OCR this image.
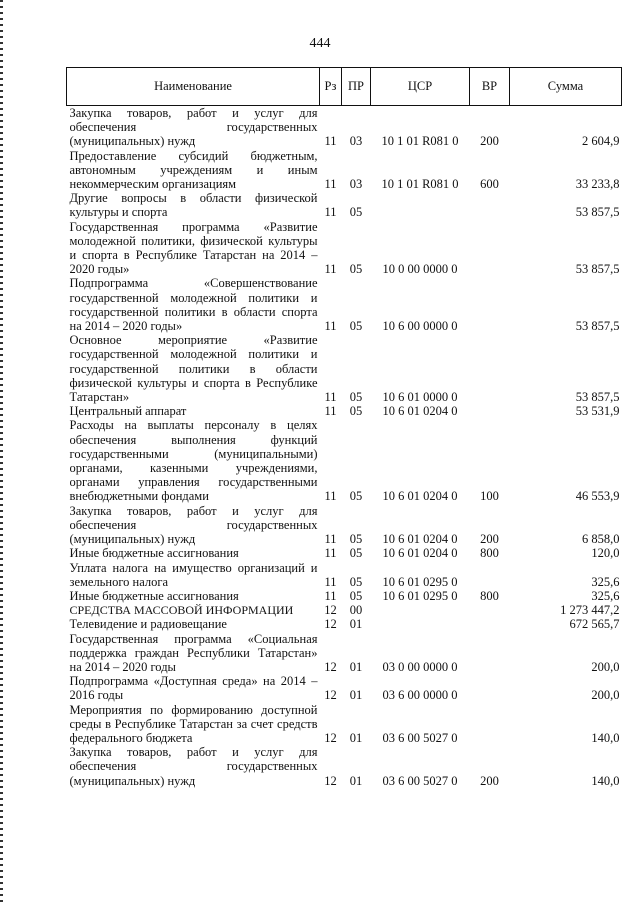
444
Наименование	Рз	ПР	ЦСР	ВР	Сумма
Закупка товаров, работ и услуг для обеспечения государственных (муниципальных) нужд	11	03	10 1 01 R081 0	200	2 604,9
Предоставление субсидий бюджетным, автономным учреждениям и иным некоммерческим организациям	11	03	10 1 01 R081 0	600	33 233,8
Другие вопросы в области физической культуры и спорта	11	05			53 857,5
Государственная программа «Развитие молодежной политики, физической культуры и спорта в Республике Татарстан на 2014 – 2020 годы»	11	05	10 0 00 0000 0		53 857,5
Подпрограмма «Совершенствование государственной молодежной политики и государственной политики в области спорта на 2014 – 2020 годы»	11	05	10 6 00 0000 0		53 857,5
Основное мероприятие «Развитие государственной молодежной политики и государственной политики в области физической культуры и спорта в Республике Татарстан»	11	05	10 6 01 0000 0		53 857,5
Центральный аппарат	11	05	10 6 01 0204 0		53 531,9
Расходы на выплаты персоналу в целях обеспечения выполнения функций государственными (муниципальными) органами, казенными учреждениями, органами управления государственными внебюджетными фондами	11	05	10 6 01 0204 0	100	46 553,9
Закупка товаров, работ и услуг для обеспечения государственных (муниципальных) нужд	11	05	10 6 01 0204 0	200	6 858,0
Иные бюджетные ассигнования	11	05	10 6 01 0204 0	800	120,0
Уплата налога на имущество организаций и земельного налога	11	05	10 6 01 0295 0		325,6
Иные бюджетные ассигнования	11	05	10 6 01 0295 0	800	325,6
СРЕДСТВА МАССОВОЙ ИНФОРМАЦИИ	12	00			1 273 447,2
Телевидение и радиовещание	12	01			672 565,7
Государственная программа «Социальная поддержка граждан Республики Татарстан» на 2014 – 2020 годы	12	01	03 0 00 0000 0		200,0
Подпрограмма «Доступная среда» на 2014 – 2016 годы	12	01	03 6 00 0000 0		200,0
Мероприятия по формированию доступной среды в Республике Татарстан за счет средств федерального бюджета	12	01	03 6 00 5027 0		140,0
Закупка товаров, работ и услуг для обеспечения государственных (муниципальных) нужд	12	01	03 6 00 5027 0	200	140,0
